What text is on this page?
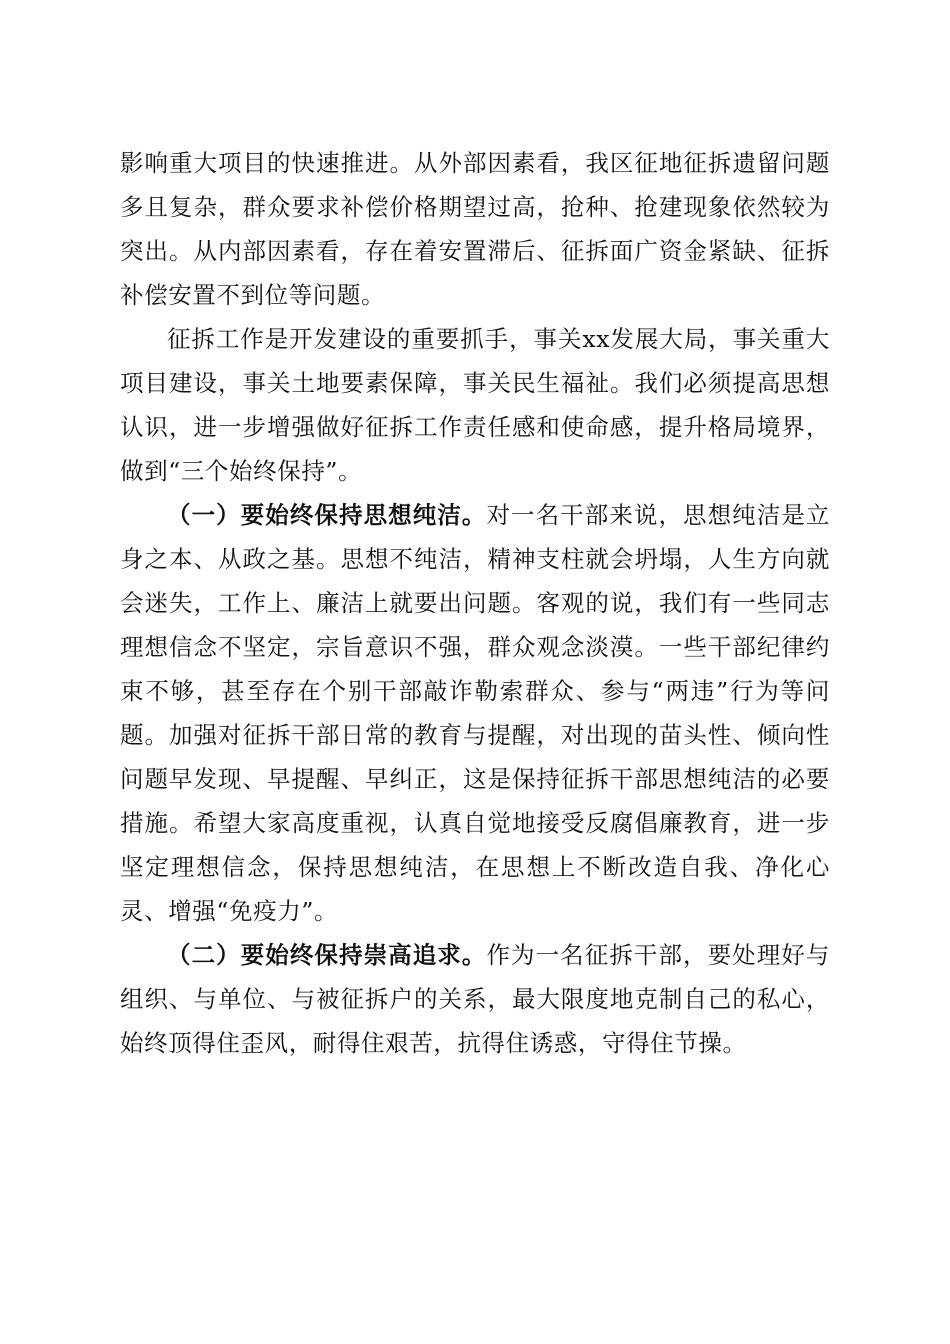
影响重大项目的快速推进。从外部因素看，我区征地征拆遗留问题多且复杂，群众要求补偿价格期望过高，抢种、抢建现象依然较为突出。从内部因素看，存在着安置滞后、征拆面广资金紧缺、征拆补偿安置不到位等问题。

征拆工作是开发建设的重要抓手，事关xx发展大局，事关重大项目建设，事关土地要素保障，事关民生福祉。我们必须提高思想认识，进一步增强做好征拆工作责任感和使命感，提升格局境界，做到“三个始终保持”。

（一）要始终保持思想纯洁。对一名干部来说，思想纯洁是立身之本、从政之基。思想不纯洁，精神支柱就会坍塌，人生方向就会迷失，工作上、廉洁上就要出问题。客观的说，我们有一些同志理想信念不坚定，宗旨意识不强，群众观念淡漠。一些干部纪律约束不够，甚至存在个别干部敲诈勒索群众、参与“两违”行为等问题。加强对征拆干部日常的教育与提醒，对出现的苗头性、倾向性问题早发现、早提醒、早纠正，这是保持征拆干部思想纯洁的必要措施。希望大家高度重视，认真自觉地接受反腐倡廉教育，进一步坚定理想信念，保持思想纯洁，在思想上不断改造自我、净化心灵、增强“免疫力”。

（二）要始终保持崇高追求。作为一名征拆干部，要处理好与组织、与单位、与被征拆户的关系，最大限度地克制自己的私心，始终顶得住歪风，耐得住艰苦，抗得住诱惑，守得住节操。
